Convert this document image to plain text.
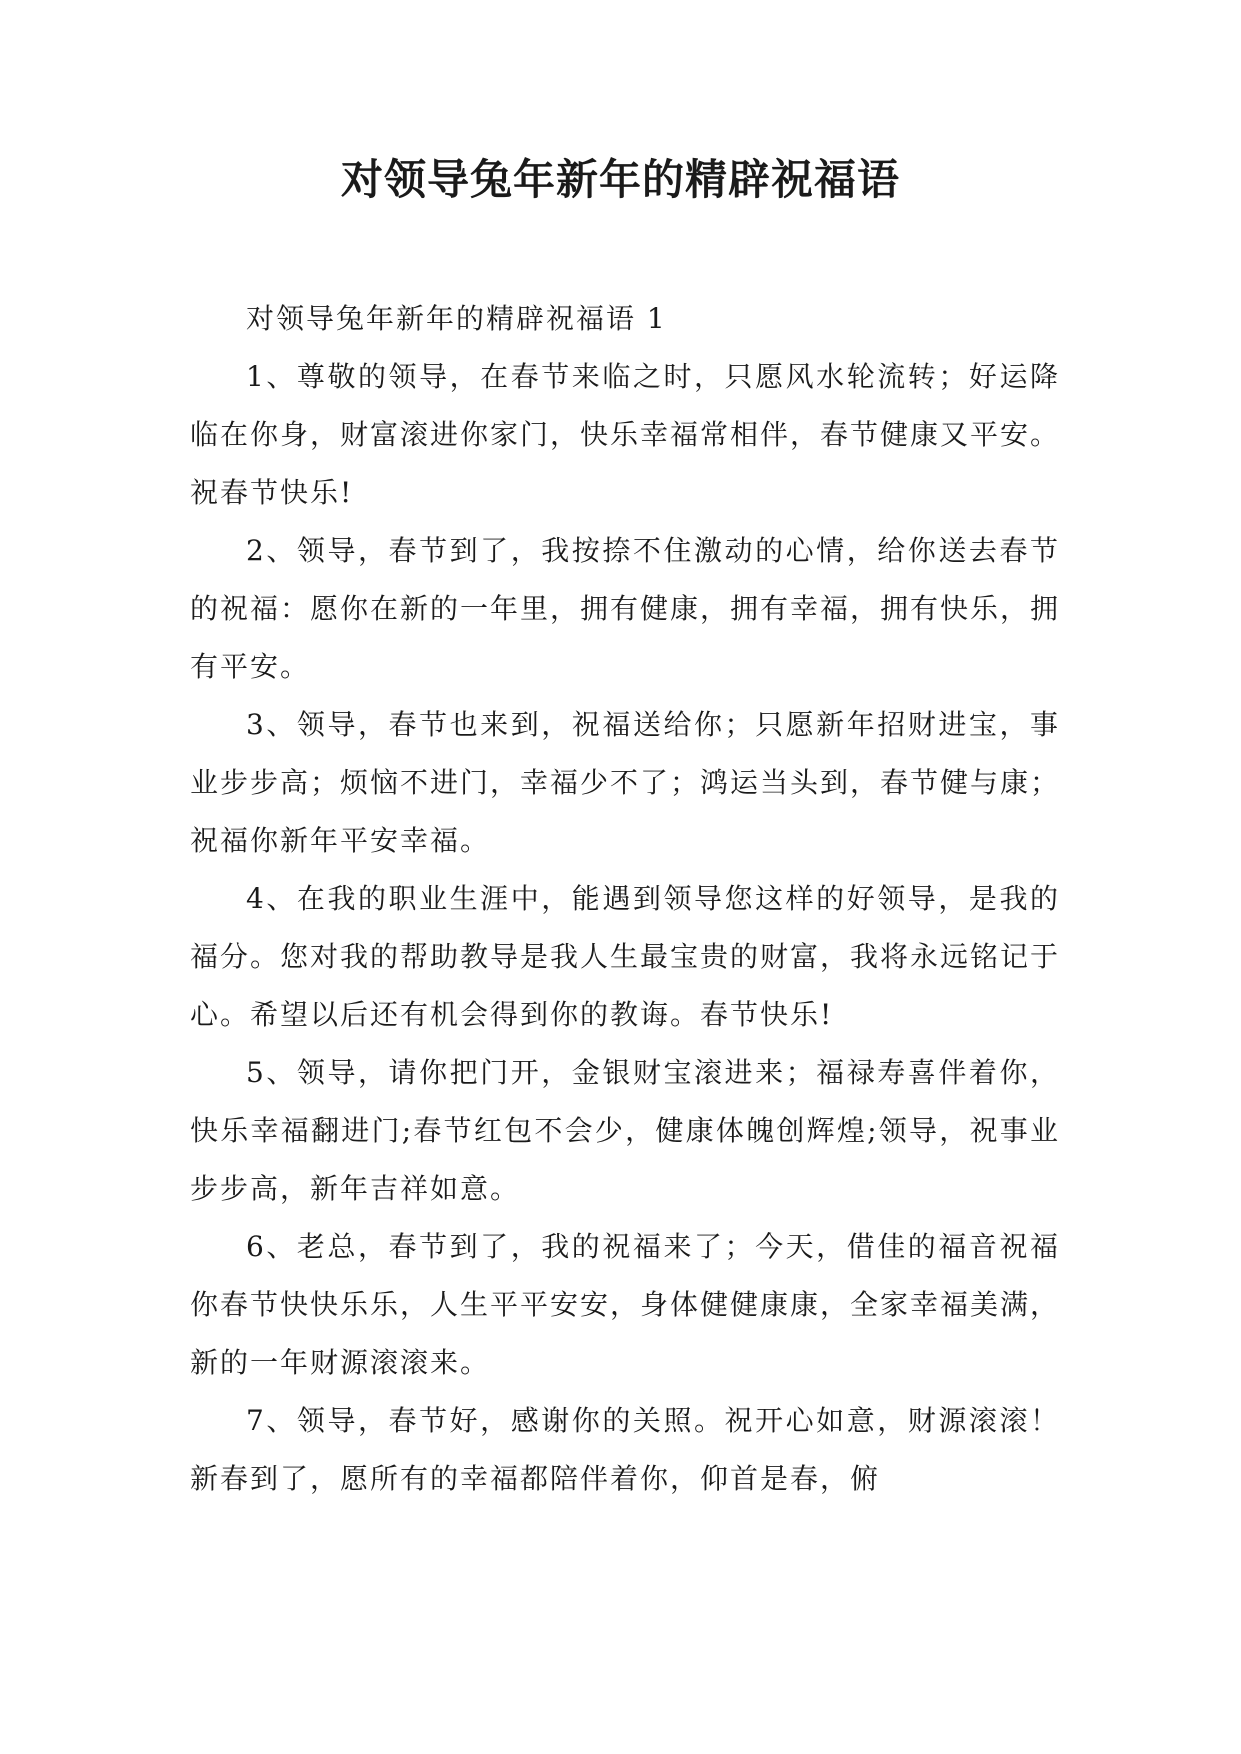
对领导兔年新年的精辟祝福语

对领导兔年新年的精辟祝福语 1

1、尊敬的领导，在春节来临之时，只愿风水轮流转；好运降临在你身，财富滚进你家门，快乐幸福常相伴，春节健康又平安。祝春节快乐!

2、领导，春节到了，我按捺不住激动的心情，给你送去春节的祝福：愿你在新的一年里，拥有健康，拥有幸福，拥有快乐，拥有平安。

3、领导，春节也来到，祝福送给你；只愿新年招财进宝，事业步步高；烦恼不进门，幸福少不了；鸿运当头到，春节健与康；祝福你新年平安幸福。

4、在我的职业生涯中，能遇到领导您这样的好领导，是我的福分。您对我的帮助教导是我人生最宝贵的财富，我将永远铭记于心。希望以后还有机会得到你的教诲。春节快乐!

5、领导，请你把门开，金银财宝滚进来；福禄寿喜伴着你，快乐幸福翻进门;春节红包不会少，健康体魄创辉煌;领导，祝事业步步高，新年吉祥如意。

6、老总，春节到了，我的祝福来了；今天，借佳的福音祝福你春节快快乐乐，人生平平安安，身体健健康康，全家幸福美满，新的一年财源滚滚来。

7、领导，春节好，感谢你的关照。祝开心如意，财源滚滚！新春到了，愿所有的幸福都陪伴着你，仰首是春，俯
